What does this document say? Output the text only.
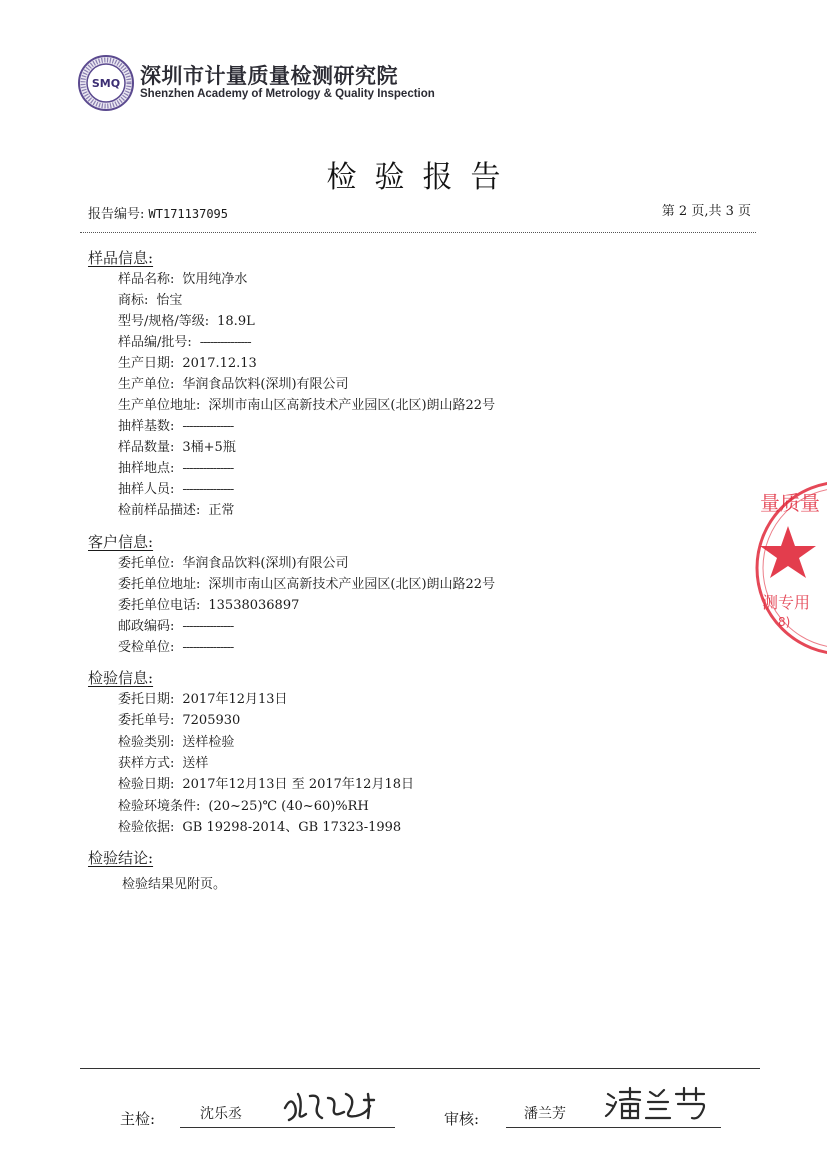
SMQ 深圳市计量质量检测研究院
Shenzhen Academy of Metrology & Quality Inspection
检验报告
报告编号: WT171137095	第 2 页,共 3 页
样品信息:
样品名称: 饮用纯净水
商标: 怡宝
型号/规格/等级: 18.9L
样品编/批号: ---------------
生产日期: 2017.12.13
生产单位: 华润食品饮料(深圳)有限公司
生产单位地址: 深圳市南山区高新技术产业园区(北区)朗山路22号
抽样基数: ---------------
样品数量: 3桶+5瓶
抽样地点: ---------------
抽样人员: ---------------
检前样品描述: 正常
客户信息:
委托单位: 华润食品饮料(深圳)有限公司
委托单位地址: 深圳市南山区高新技术产业园区(北区)朗山路22号
委托单位电话: 13538036897
邮政编码: ---------------
受检单位: ---------------
检验信息:
委托日期: 2017年12月13日
委托单号: 7205930
检验类别: 送样检验
获样方式: 送样
检验日期: 2017年12月13日 至 2017年12月18日
检验环境条件: (20~25)℃ (40~60)%RH
检验依据: GB 19298-2014、GB 17323-1998
检验结论:
检验结果见附页。
量质量
测专用
8)
主检:	沈乐丞	审核:	潘兰芳
